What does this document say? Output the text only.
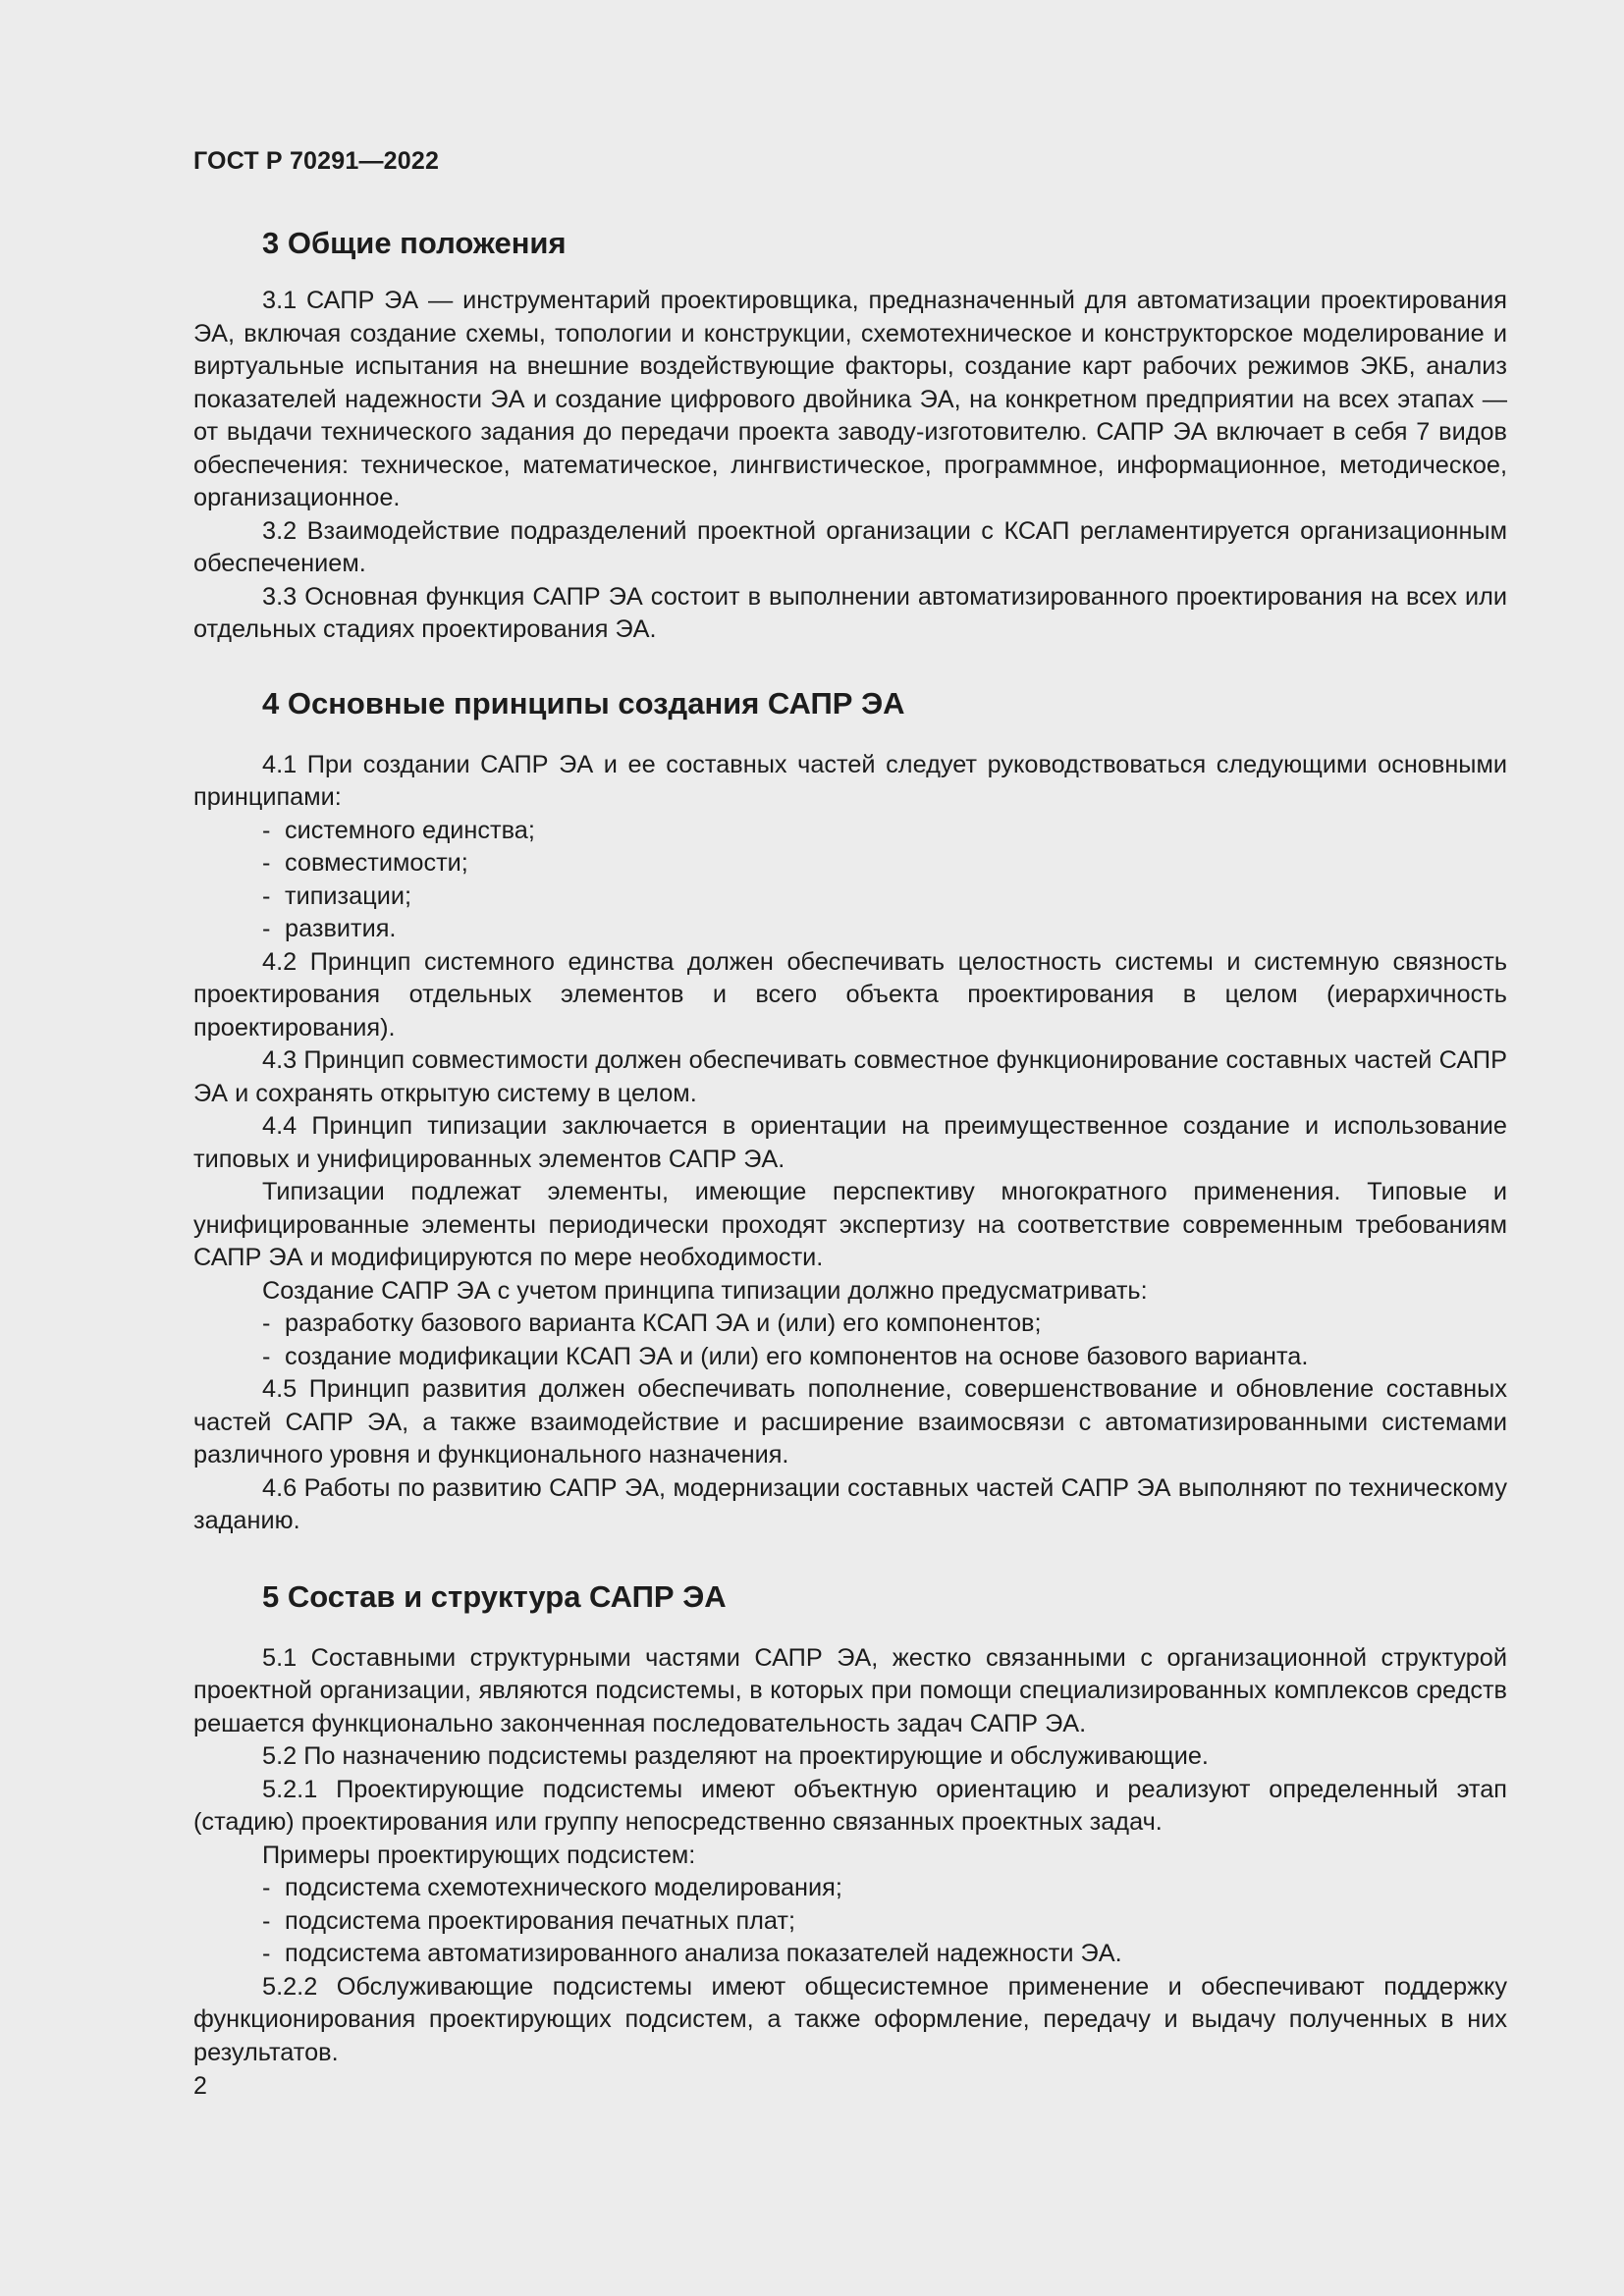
ГОСТ Р 70291—2022
3 Общие положения

3.1 САПР ЭА — инструментарий проектировщика, предназначенный для автоматизации проектирования ЭА, включая создание схемы, топологии и конструкции, схемотехническое и конструкторское моделирование и виртуальные испытания на внешние воздействующие факторы, создание карт рабочих режимов ЭКБ, анализ показателей надежности ЭА и создание цифрового двойника ЭА, на конкретном предприятии на всех этапах — от выдачи технического задания до передачи проекта заводу-изготовителю. САПР ЭА включает в себя 7 видов обеспечения: техническое, математическое, лингвистическое, программное, информационное, методическое, организационное.

3.2 Взаимодействие подразделений проектной организации с КСАП регламентируется организационным обеспечением.

3.3 Основная функция САПР ЭА состоит в выполнении автоматизированного проектирования на всех или отдельных стадиях проектирования ЭА.

4 Основные принципы создания САПР ЭА

4.1 При создании САПР ЭА и ее составных частей следует руководствоваться следующими основными принципами:

- системного единства;
- совместимости;
- типизации;
- развития.

4.2 Принцип системного единства должен обеспечивать целостность системы и системную связность проектирования отдельных элементов и всего объекта проектирования в целом (иерархичность проектирования).

4.3 Принцип совместимости должен обеспечивать совместное функционирование составных частей САПР ЭА и сохранять открытую систему в целом.

4.4 Принцип типизации заключается в ориентации на преимущественное создание и использование типовых и унифицированных элементов САПР ЭА.

Типизации подлежат элементы, имеющие перспективу многократного применения. Типовые и унифицированные элементы периодически проходят экспертизу на соответствие современным требованиям САПР ЭА и модифицируются по мере необходимости.

Создание САПР ЭА с учетом принципа типизации должно предусматривать:

- разработку базового варианта КСАП ЭА и (или) его компонентов;
- создание модификации КСАП ЭА и (или) его компонентов на основе базового варианта.

4.5 Принцип развития должен обеспечивать пополнение, совершенствование и обновление составных частей САПР ЭА, а также взаимодействие и расширение взаимосвязи с автоматизированными системами различного уровня и функционального назначения.

4.6 Работы по развитию САПР ЭА, модернизации составных частей САПР ЭА выполняют по техническому заданию.

5 Состав и структура САПР ЭА

5.1 Составными структурными частями САПР ЭА, жестко связанными с организационной структурой проектной организации, являются подсистемы, в которых при помощи специализированных комплексов средств решается функционально законченная последовательность задач САПР ЭА.

5.2 По назначению подсистемы разделяют на проектирующие и обслуживающие.

5.2.1 Проектирующие подсистемы имеют объектную ориентацию и реализуют определенный этап (стадию) проектирования или группу непосредственно связанных проектных задач.

Примеры проектирующих подсистем:

- подсистема схемотехнического моделирования;
- подсистема проектирования печатных плат;
- подсистема автоматизированного анализа показателей надежности ЭА.

5.2.2 Обслуживающие подсистемы имеют общесистемное применение и обеспечивают поддержку функционирования проектирующих подсистем, а также оформление, передачу и выдачу полученных в них результатов.

2
